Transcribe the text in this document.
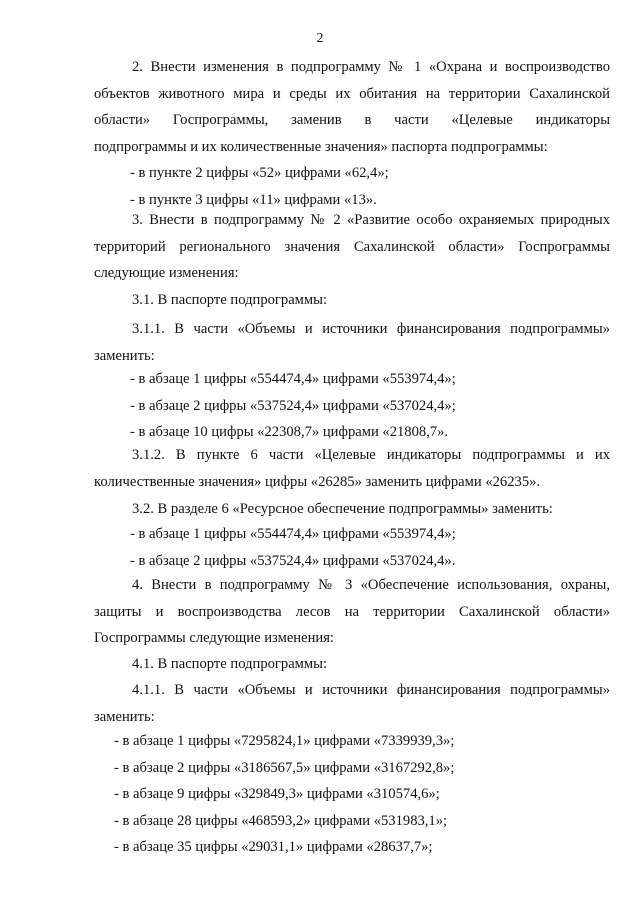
2
2. Внести изменения в подпрограмму № 1 «Охрана и воспроизводство
объектов животного мира и среды их обитания на территории Сахалинской
области» Госпрограммы, заменив в части «Целевые индикаторы
подпрограммы и их количественные значения» паспорта подпрограммы:
- в пункте 2 цифры «52» цифрами «62,4»;
- в пункте 3 цифры «11» цифрами «13».
3. Внести в подпрограмму № 2 «Развитие особо охраняемых природных
территорий регионального значения Сахалинской области» Госпрограммы
следующие изменения:
3.1. В паспорте подпрограммы:
3.1.1. В части «Объемы и источники финансирования подпрограммы»
заменить:
- в абзаце 1 цифры «554474,4» цифрами «553974,4»;
- в абзаце 2 цифры «537524,4» цифрами «537024,4»;
- в абзаце 10 цифры «22308,7» цифрами «21808,7».
3.1.2. В пункте 6 части «Целевые индикаторы подпрограммы и их
количественные значения» цифры «26285» заменить цифрами «26235».
3.2. В разделе 6 «Ресурсное обеспечение подпрограммы» заменить:
- в абзаце 1 цифры «554474,4» цифрами «553974,4»;
- в абзаце 2 цифры «537524,4» цифрами «537024,4».
4. Внести в подпрограмму № 3 «Обеспечение использования, охраны,
защиты и воспроизводства лесов на территории Сахалинской области»
Госпрограммы следующие изменения:
4.1. В паспорте подпрограммы:
4.1.1. В части «Объемы и источники финансирования подпрограммы»
заменить:
- в абзаце 1 цифры «7295824,1» цифрами «7339939,3»;
- в абзаце 2 цифры «3186567,5» цифрами «3167292,8»;
- в абзаце 9 цифры «329849,3» цифрами «310574,6»;
- в абзаце 28 цифры «468593,2» цифрами «531983,1»;
- в абзаце 35 цифры «29031,1» цифрами «28637,7»;
